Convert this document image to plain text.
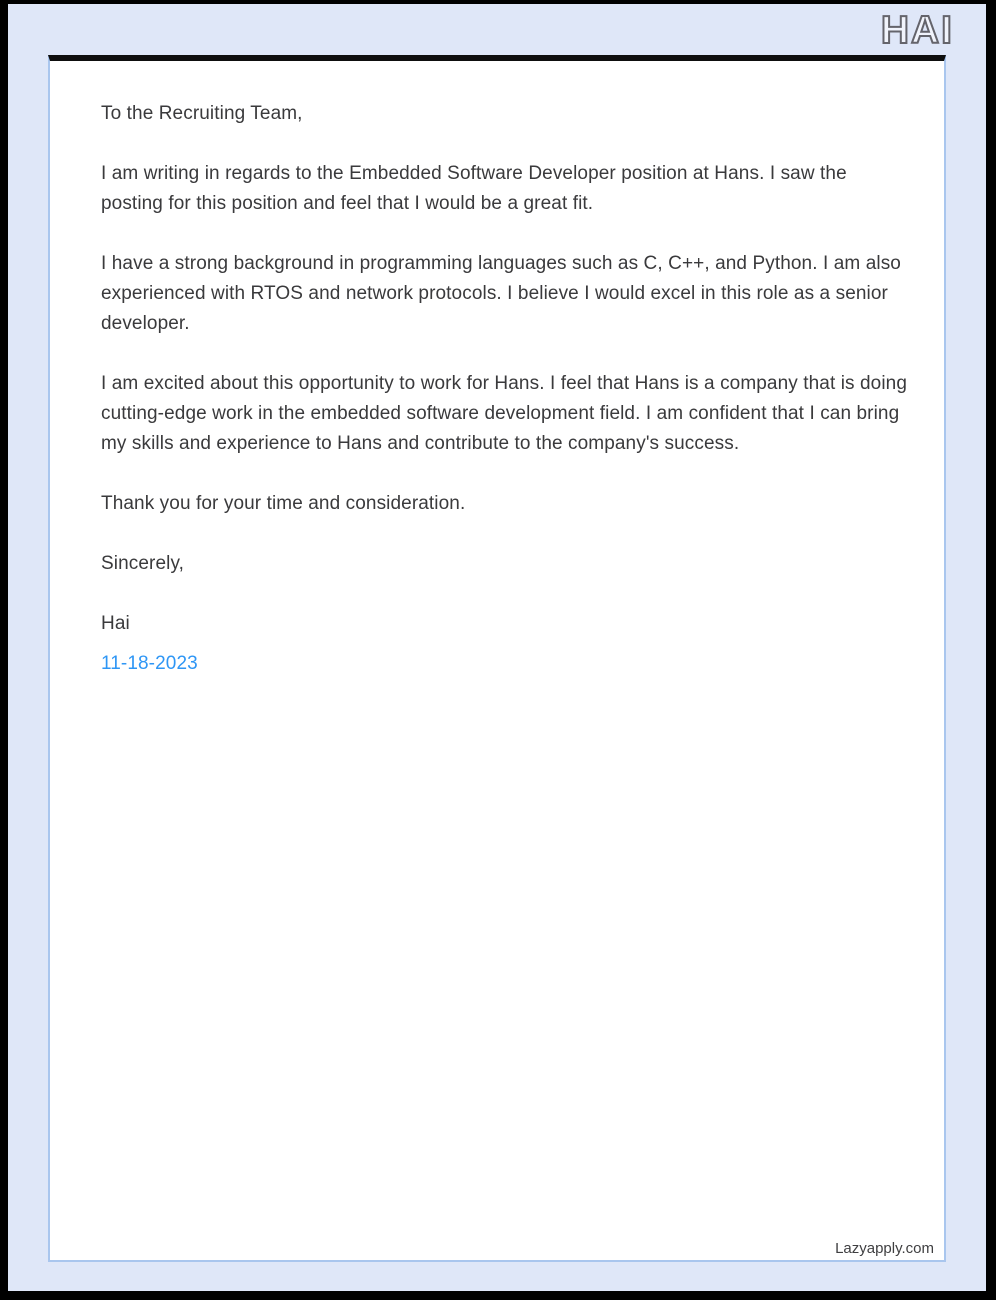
HAI

To the Recruiting Team,

I am writing in regards to the Embedded Software Developer position at Hans. I saw the posting for this position and feel that I would be a great fit.

I have a strong background in programming languages such as C, C++, and Python. I am also experienced with RTOS and network protocols. I believe I would excel in this role as a senior developer.

I am excited about this opportunity to work for Hans. I feel that Hans is a company that is doing cutting-edge work in the embedded software development field. I am confident that I can bring my skills and experience to Hans and contribute to the company's success.

Thank you for your time and consideration.

Sincerely,

Hai

11-18-2023

Lazyapply.com
